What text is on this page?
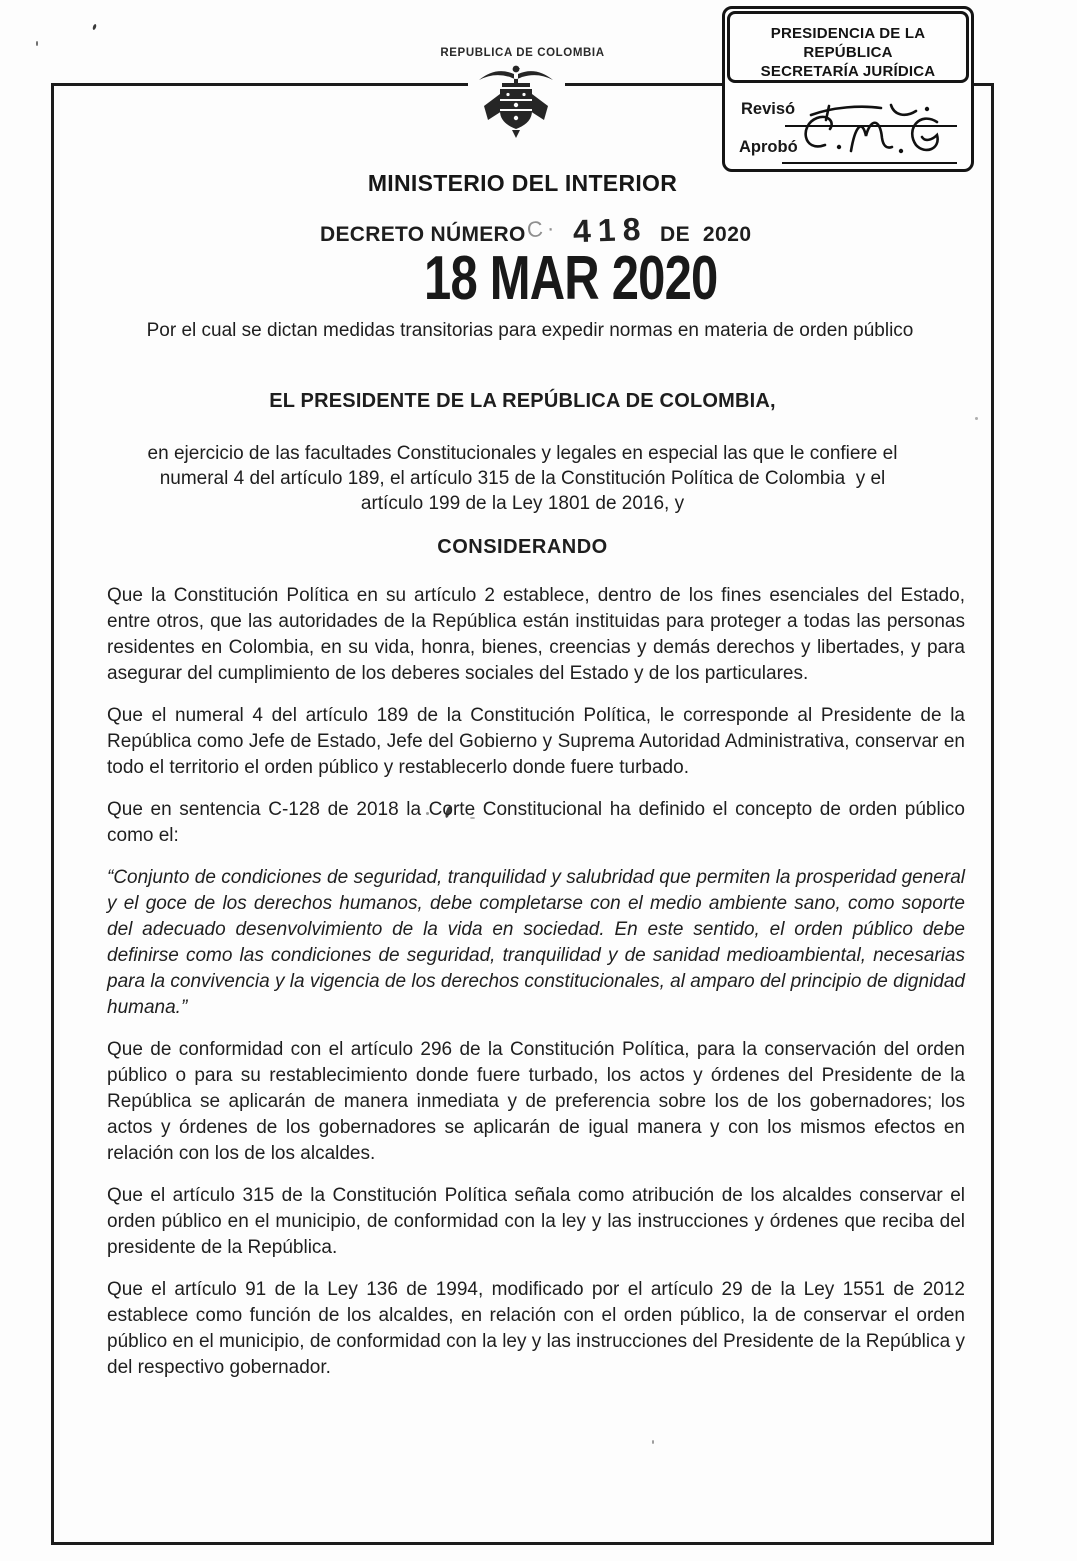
REPUBLICA DE COLOMBIA
PRESIDENCIA DE LA REPÚBLICA
SECRETARÍA JURÍDICA
Revisó
Aprobó
MINISTERIO DEL INTERIOR
DECRETO NÚMERO C· 418 DE  2020
18 MAR 2020
Por el cual se dictan medidas transitorias para expedir normas en materia de orden público
EL PRESIDENTE DE LA REPÚBLICA DE COLOMBIA,
en ejercicio de las facultades Constitucionales y legales en especial las que le confiere el
numeral 4 del artículo 189, el artículo 315 de la Constitución Política de Colombia  y el
artículo 199 de la Ley 1801 de 2016, y
CONSIDERANDO

Que la Constitución Política en su artículo 2 establece, dentro de los fines esenciales del Estado, entre otros, que las autoridades de la República están instituidas para proteger a todas las personas residentes en Colombia, en su vida, honra, bienes, creencias y demás derechos y libertades, y para asegurar del cumplimiento de los deberes sociales del Estado y de los particulares.

Que el numeral 4 del artículo 189 de la Constitución Política, le corresponde al Presidente de la República como Jefe de Estado, Jefe del Gobierno y Suprema Autoridad Administrativa, conservar en todo el territorio el orden público y restablecerlo donde fuere turbado.

Que en sentencia C-128 de 2018 la Corte Constitucional ha definido el concepto de orden público como el:

“Conjunto de condiciones de seguridad, tranquilidad y salubridad que permiten la prosperidad general y el goce de los derechos humanos, debe completarse con el medio ambiente sano, como soporte del adecuado desenvolvimiento de la vida en sociedad. En este sentido, el orden público debe definirse como las condiciones de seguridad, tranquilidad y de sanidad medioambiental, necesarias para la convivencia y la vigencia de los derechos constitucionales, al amparo del principio de dignidad humana.”

Que de conformidad con el artículo 296 de la Constitución Política, para la conservación del orden público o para su restablecimiento donde fuere turbado, los actos y órdenes del Presidente de la República se aplicarán de manera inmediata y de preferencia sobre los de los gobernadores; los actos y órdenes de los gobernadores se aplicarán de igual manera y con los mismos efectos en relación con los de los alcaldes.

Que el artículo 315 de la Constitución Política señala como atribución de los alcaldes conservar el orden público en el municipio, de conformidad con la ley y las instrucciones y órdenes que reciba del presidente de la República.

Que el artículo 91 de la Ley 136 de 1994, modificado por el artículo 29 de la Ley 1551 de 2012 establece como función de los alcaldes, en relación con el orden público, la de conservar el orden público en el municipio, de conformidad con la ley y las instrucciones del Presidente de la República y del respectivo gobernador.
